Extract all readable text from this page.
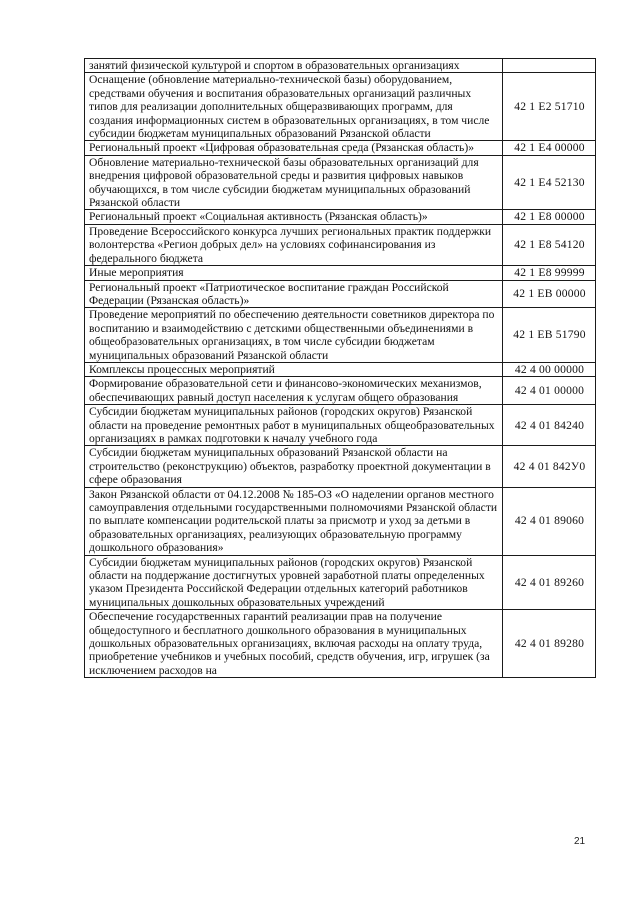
занятий физической культурой и спортом в образовательных организациях	
Оснащение (обновление материально-технической базы) оборудованием, средствами обучения и воспитания образовательных организаций различных типов для реализации дополнительных общеразвивающих программ, для создания информационных систем в образовательных организациях, в том числе субсидии бюджетам муниципальных образований Рязанской области	42 1 E2 51710
Региональный проект «Цифровая образовательная среда (Рязанская область)»	42 1 E4 00000
Обновление материально-технической базы образовательных организаций для внедрения цифровой образовательной среды и развития цифровых навыков обучающихся, в том числе субсидии бюджетам муниципальных образований Рязанской области	42 1 E4 52130
Региональный проект «Социальная активность (Рязанская область)»	42 1 E8 00000
Проведение Всероссийского конкурса лучших региональных практик поддержки волонтерства «Регион добрых дел» на условиях софинансирования из федерального бюджета	42 1 E8 54120
Иные мероприятия	42 1 E8 99999
Региональный проект «Патриотическое воспитание граждан Российской Федерации (Рязанская область)»	42 1 EB 00000
Проведение мероприятий по обеспечению деятельности советников директора по воспитанию и взаимодействию с детскими общественными объединениями в общеобразовательных организациях, в том числе субсидии бюджетам муниципальных образований Рязанской области	42 1 EB 51790
Комплексы процессных мероприятий	42 4 00 00000
Формирование образовательной сети и финансово-экономических механизмов, обеспечивающих равный доступ населения к услугам общего образования	42 4 01 00000
Субсидии бюджетам муниципальных районов (городских округов) Рязанской области на проведение ремонтных работ в муниципальных общеобразовательных организациях в рамках подготовки к началу учебного года	42 4 01 84240
Субсидии бюджетам муниципальных образований Рязанской области на строительство (реконструкцию) объектов, разработку проектной документации в сфере образования	42 4 01 842У0
Закон Рязанской области от 04.12.2008 № 185-ОЗ «О наделении органов местного самоуправления отдельными государственными полномочиями Рязанской области по выплате компенсации родительской платы за присмотр и уход за детьми в образовательных организациях, реализующих образовательную программу дошкольного образования»	42 4 01 89060
Субсидии бюджетам муниципальных районов (городских округов) Рязанской области на поддержание достигнутых уровней заработной платы определенных указом Президента Российской Федерации отдельных категорий работников муниципальных дошкольных образовательных учреждений	42 4 01 89260
Обеспечение государственных гарантий реализации прав на получение общедоступного и бесплатного дошкольного образования в муниципальных дошкольных образовательных организациях, включая расходы на оплату труда, приобретение учебников и учебных пособий, средств обучения, игр, игрушек (за исключением расходов на	42 4 01 89280
21
